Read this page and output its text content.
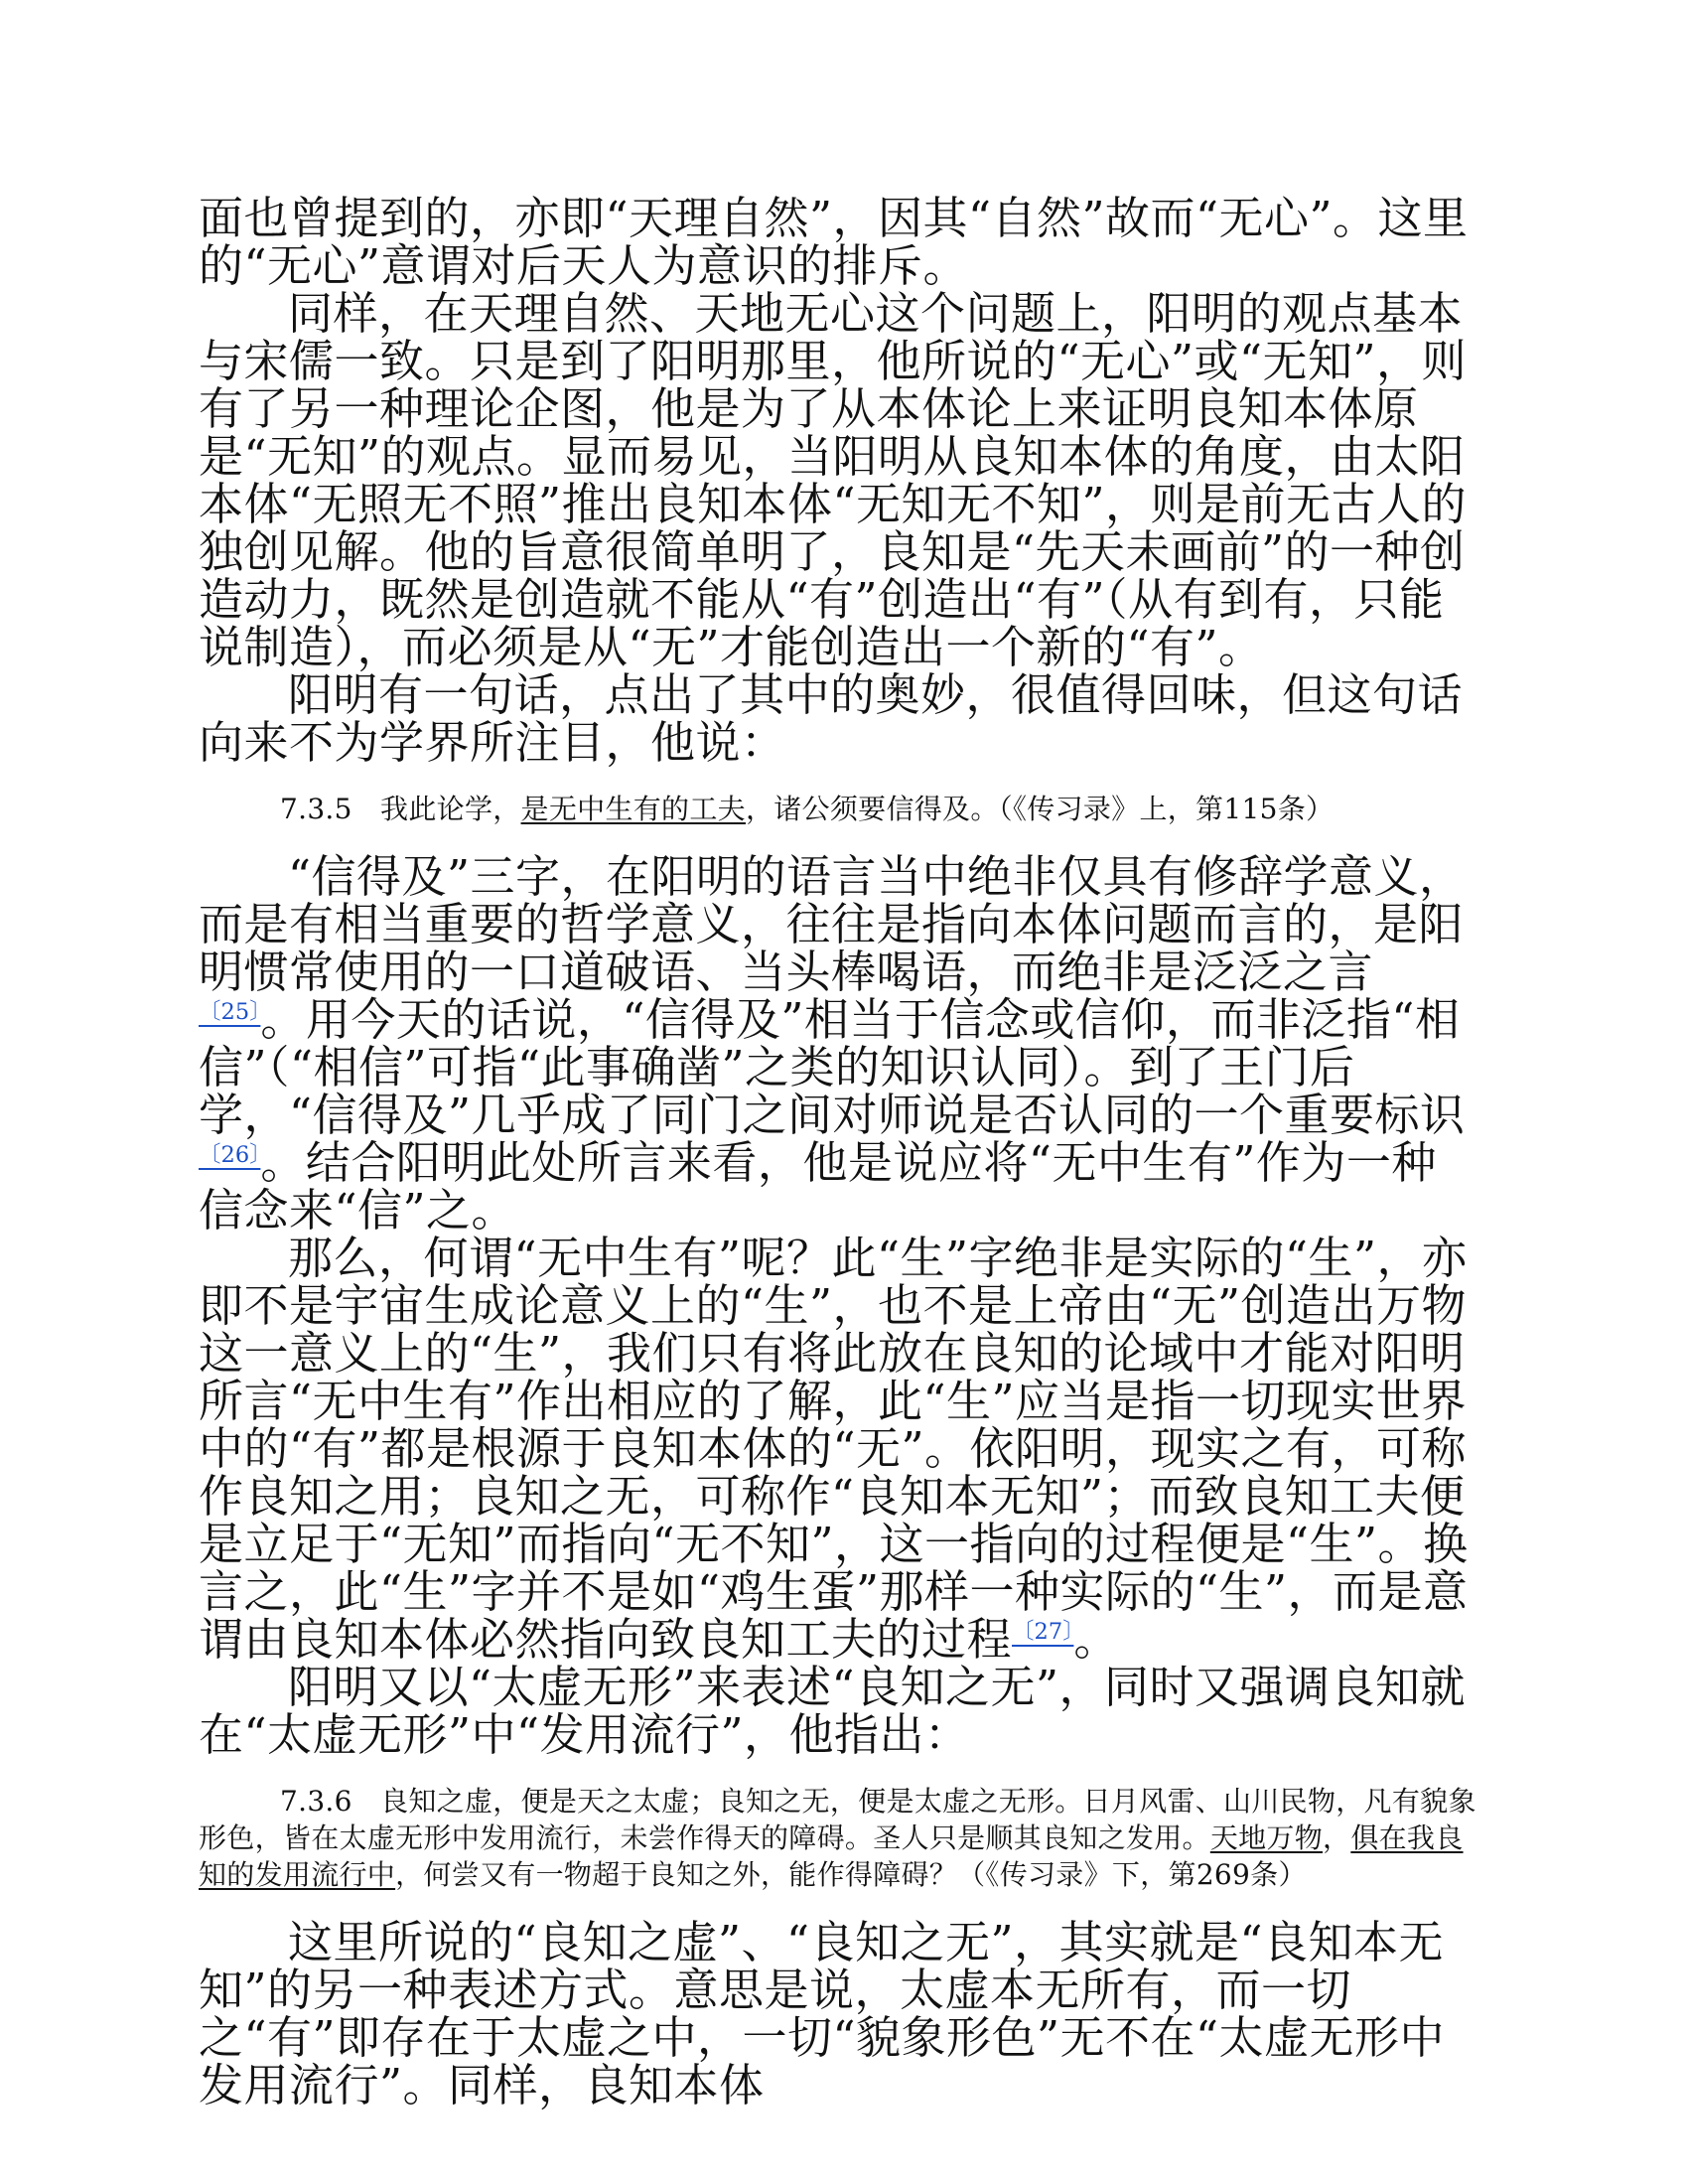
面也曾提到的，亦即“天理自然”，因其“自然”故而“无心”。这里的“无心”意谓对后天人为意识的排斥。

同样，在天理自然、天地无心这个问题上，阳明的观点基本与宋儒一致。只是到了阳明那里，他所说的“无心”或“无知”，则有了另一种理论企图，他是为了从本体论上来证明良知本体原是“无知”的观点。显而易见，当阳明从良知本体的角度，由太阳本体“无照无不照”推出良知本体“无知无不知”，则是前无古人的独创见解。他的旨意很简单明了，良知是“先天未画前”的一种创造动力，既然是创造就不能从“有”创造出“有”（从有到有，只能说制造），而必须是从“无”才能创造出一个新的“有”。

阳明有一句话，点出了其中的奥妙，很值得回味，但这句话向来不为学界所注目，他说：

7.3.5　我此论学，是无中生有的工夫，诸公须要信得及。（《传习录》上，第115条）

“信得及”三字，在阳明的语言当中绝非仅具有修辞学意义，而是有相当重要的哲学意义，往往是指向本体问题而言的，是阳明惯常使用的一口道破语、当头棒喝语，而绝非是泛泛之言$^{〔25〕}$。用今天的话说，“信得及”相当于信念或信仰，而非泛指“相信”（“相信”可指“此事确凿”之类的知识认同）。到了王门后学，“信得及”几乎成了同门之间对师说是否认同的一个重要标识$^{〔26〕}$。结合阳明此处所言来看，他是说应将“无中生有”作为一种信念来“信”之。

那么，何谓“无中生有”呢？此“生”字绝非是实际的“生”，亦即不是宇宙生成论意义上的“生”，也不是上帝由“无”创造出万物这一意义上的“生”，我们只有将此放在良知的论域中才能对阳明所言“无中生有”作出相应的了解，此“生”应当是指一切现实世界中的“有”都是根源于良知本体的“无”。依阳明，现实之有，可称作良知之用；良知之无，可称作“良知本无知”；而致良知工夫便是立足于“无知”而指向“无不知”，这一指向的过程便是“生”。换言之，此“生”字并不是如“鸡生蛋”那样一种实际的“生”，而是意谓由良知本体必然指向致良知工夫的过程$^{〔27〕}$。

阳明又以“太虚无形”来表述“良知之无”，同时又强调良知就在“太虚无形”中“发用流行”，他指出：

7.3.6　良知之虚，便是天之太虚；良知之无，便是太虚之无形。日月风雷、山川民物，凡有貌象形色，皆在太虚无形中发用流行，未尝作得天的障碍。圣人只是顺其良知之发用。天地万物，俱在我良知的发用流行中，何尝又有一物超于良知之外，能作得障碍？（《传习录》下，第269条）

这里所说的“良知之虚”、“良知之无”，其实就是“良知本无知”的另一种表述方式。意思是说，太虚本无所有，而一切之“有”即存在于太虚之中，一切“貌象形色”无不在“太虚无形中发用流行”。同样，良知本体
